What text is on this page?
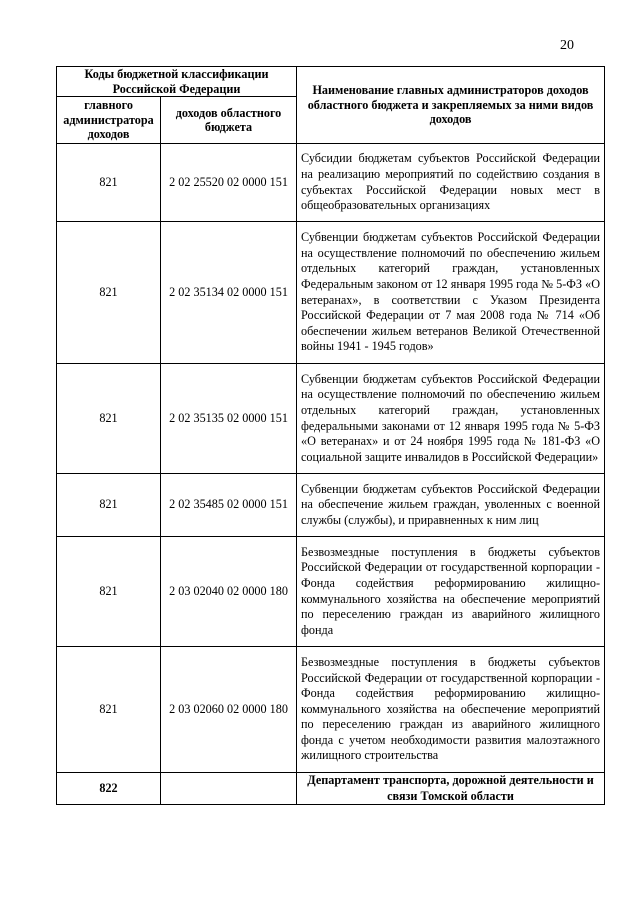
20
Коды бюджетной классификации Российской Федерации		Наименование главных администраторов доходов областного бюджета и закрепляемых за ними видов доходов
главного администратора доходов	доходов областного бюджета	
821	2 02 25520 02 0000 151	Субсидии бюджетам субъектов Российской Федерации на реализацию мероприятий по содействию создания в субъектах Российской Федерации новых мест в общеобразовательных организациях
821	2 02 35134 02 0000 151	Субвенции бюджетам субъектов Российской Федерации на осуществление полномочий по обеспечению жильем отдельных категорий граждан, установленных Федеральным законом от 12 января 1995 года № 5-ФЗ «О ветеранах», в соответствии с Указом Президента Российской Федерации от 7 мая 2008 года № 714 «Об обеспечении жильем ветеранов Великой Отечественной войны 1941 - 1945 годов»
821	2 02 35135 02 0000 151	Субвенции бюджетам субъектов Российской Федерации на осуществление полномочий по обеспечению жильем отдельных категорий граждан, установленных федеральными законами от 12 января 1995 года № 5-ФЗ «О ветеранах» и от 24 ноября 1995 года № 181-ФЗ «О социальной защите инвалидов в Российской Федерации»
821	2 02 35485 02 0000 151	Субвенции бюджетам субъектов Российской Федерации на обеспечение жильем граждан, уволенных с военной службы (службы), и приравненных к ним лиц
821	2 03 02040 02 0000 180	Безвозмездные поступления в бюджеты субъектов Российской Федерации от государственной корпорации - Фонда содействия реформированию жилищно-коммунального хозяйства на обеспечение мероприятий по переселению граждан из аварийного жилищного фонда
821	2 03 02060 02 0000 180	Безвозмездные поступления в бюджеты субъектов Российской Федерации от государственной корпорации - Фонда содействия реформированию жилищно-коммунального хозяйства на обеспечение мероприятий по переселению граждан из аварийного жилищного фонда с учетом необходимости развития малоэтажного жилищного строительства
822		Департамент транспорта, дорожной деятельности и связи Томской области
